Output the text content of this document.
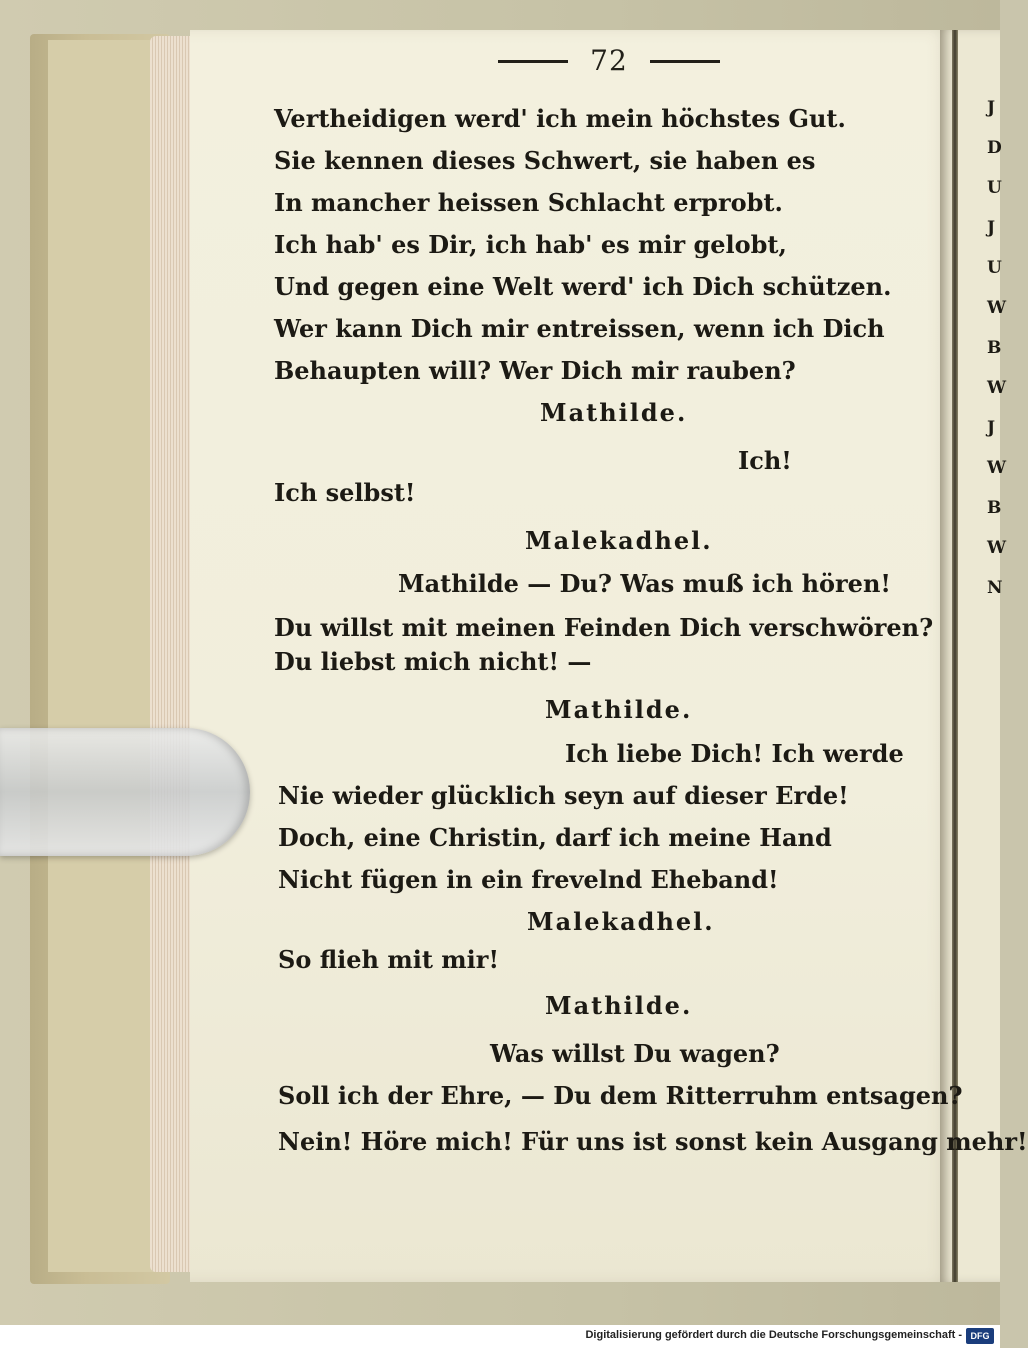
J
D
U
J
U
W
B
W
J
W
B
W
N
72
Vertheidigen werd' ich mein höchstes Gut.
Sie kennen dieses Schwert, sie haben es
In mancher heissen Schlacht erprobt.
Ich hab' es Dir, ich hab' es mir gelobt,
Und gegen eine Welt werd' ich Dich schützen.
Wer kann Dich mir entreissen, wenn ich Dich
Behaupten will? Wer Dich mir rauben?
Mathilde.
Ich!
Ich selbst!
Malekadhel.
Mathilde — Du? Was muß ich hören!
Du willst mit meinen Feinden Dich verschwören?
Du liebst mich nicht! —
Mathilde.
Ich liebe Dich! Ich werde
Nie wieder glücklich seyn auf dieser Erde!
Doch, eine Christin, darf ich meine Hand
Nicht fügen in ein frevelnd Eheband!
Malekadhel.
So flieh mit mir!
Mathilde.
Was willst Du wagen?
Soll ich der Ehre, — Du dem Ritterruhm entsagen?
Nein! Höre mich! Für uns ist sonst kein Ausgang mehr!
Digitalisierung gefördert durch die Deutsche Forschungsgemeinschaft - DFG
